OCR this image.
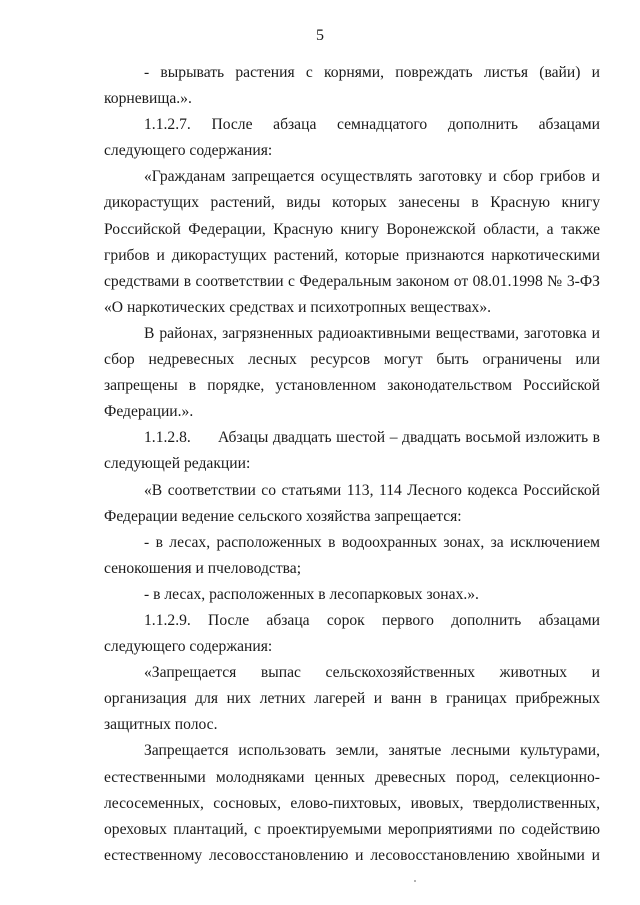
5

- вырывать растения с корнями, повреждать листья (вайи) и корневища.».

1.1.2.7. После абзаца семнадцатого дополнить абзацами следующего содержания:

«Гражданам запрещается осуществлять заготовку и сбор грибов и дикорастущих растений, виды которых занесены в Красную книгу Российской Федерации, Красную книгу Воронежской области, а также грибов и дикорастущих растений, которые признаются наркотическими средствами в соответствии с Федеральным законом от 08.01.1998 № 3-ФЗ «О наркотических средствах и психотропных веществах».

В районах, загрязненных радиоактивными веществами, заготовка и сбор недревесных лесных ресурсов могут быть ограничены или запрещены в порядке, установленном законодательством Российской Федерации.».

1.1.2.8.      Абзацы двадцать шестой – двадцать восьмой изложить в следующей редакции:

«В соответствии со статьями 113, 114 Лесного кодекса Российской Федерации ведение сельского хозяйства запрещается:

- в лесах, расположенных в водоохранных зонах, за исключением сенокошения и пчеловодства;

- в лесах, расположенных в лесопарковых зонах.».

1.1.2.9. После абзаца сорок первого дополнить абзацами следующего содержания:

«Запрещается выпас сельскохозяйственных животных и организация для них летних лагерей и ванн в границах прибрежных защитных полос.

Запрещается использовать земли, занятые лесными культурами, естественными молодняками ценных древесных пород, селекционно-лесосеменных, сосновых, елово-пихтовых, ивовых, твердолиственных, ореховых плантаций, с проектируемыми мероприятиями по содействию естественному лесовосстановлению и лесовосстановлению хвойными и
